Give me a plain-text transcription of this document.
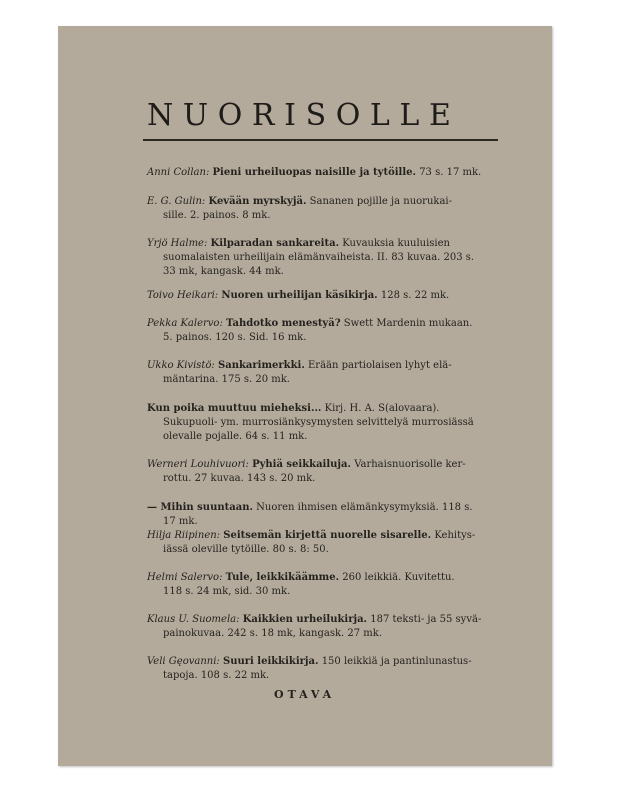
NUORISOLLE
Anni Collan: Pieni urheiluopas naisille ja tytöille. 73 s. 17 mk.
E. G. Gulin: Kevään myrskyjä. Sananen pojille ja nuorukai-
sille. 2. painos. 8 mk.
Yrjö Halme: Kilparadan sankareita. Kuvauksia kuuluisien
suomalaisten urheilijain elämänvaiheista. II. 83 kuvaa. 203 s.
33 mk, kangask. 44 mk.
Toivo Heikari: Nuoren urheilijan käsikirja. 128 s. 22 mk.
Pekka Kalervo: Tahdotko menestyä? Swett Mardenin mukaan.
5. painos. 120 s. Sid. 16 mk.
Ukko Kivistö: Sankarimerkki. Erään partiolaisen lyhyt elä-
mäntarina. 175 s. 20 mk.
Kun poika muuttuu mieheksi... Kirj. H. A. S(alovaara).
Sukupuoli- ym. murrosiänkysymysten selvittelyä murrosiässä
olevalle pojalle. 64 s. 11 mk.
Werneri Louhivuori: Pyhiä seikkailuja. Varhaisnuorisolle ker-
rottu. 27 kuvaa. 143 s. 20 mk.
— Mihin suuntaan. Nuoren ihmisen elämänkysymyksiä. 118 s.
17 mk.
Hilja Riipinen: Seitsemän kirjettä nuorelle sisarelle. Kehitys-
iässä oleville tytöille. 80 s. 8: 50.
Helmi Salervo: Tule, leikkikäämme. 260 leikkiä. Kuvitettu.
118 s. 24 mk, sid. 30 mk.
Klaus U. Suomela: Kaikkien urheilukirja. 187 teksti- ja 55 syvä-
painokuvaa. 242 s. 18 mk, kangask. 27 mk.
Veli Gęovanni: Suuri leikkikirja. 150 leikkiä ja pantinlunastus-
tapoja. 108 s. 22 mk.
OTAVA
